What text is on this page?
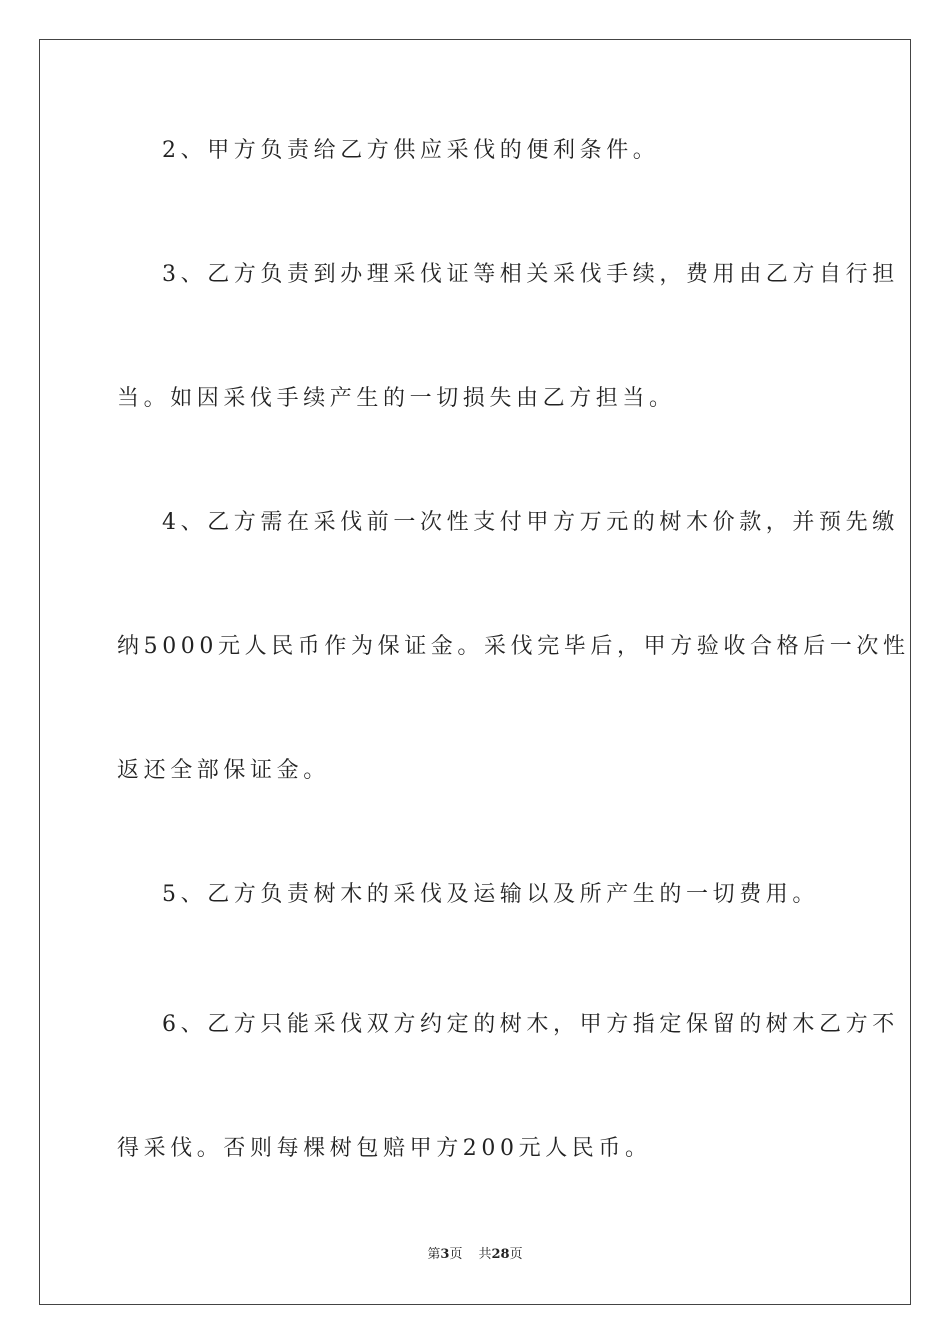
2、甲方负责给乙方供应采伐的便利条件。
3、乙方负责到办理采伐证等相关采伐手续，费用由乙方自行担
当。如因采伐手续产生的一切损失由乙方担当。
4、乙方需在采伐前一次性支付甲方万元的树木价款，并预先缴
纳5000元人民币作为保证金。采伐完毕后，甲方验收合格后一次性
返还全部保证金。
5、乙方负责树木的采伐及运输以及所产生的一切费用。
6、乙方只能采伐双方约定的树木，甲方指定保留的树木乙方不
得采伐。否则每棵树包赔甲方200元人民币。
第3页 共28页
